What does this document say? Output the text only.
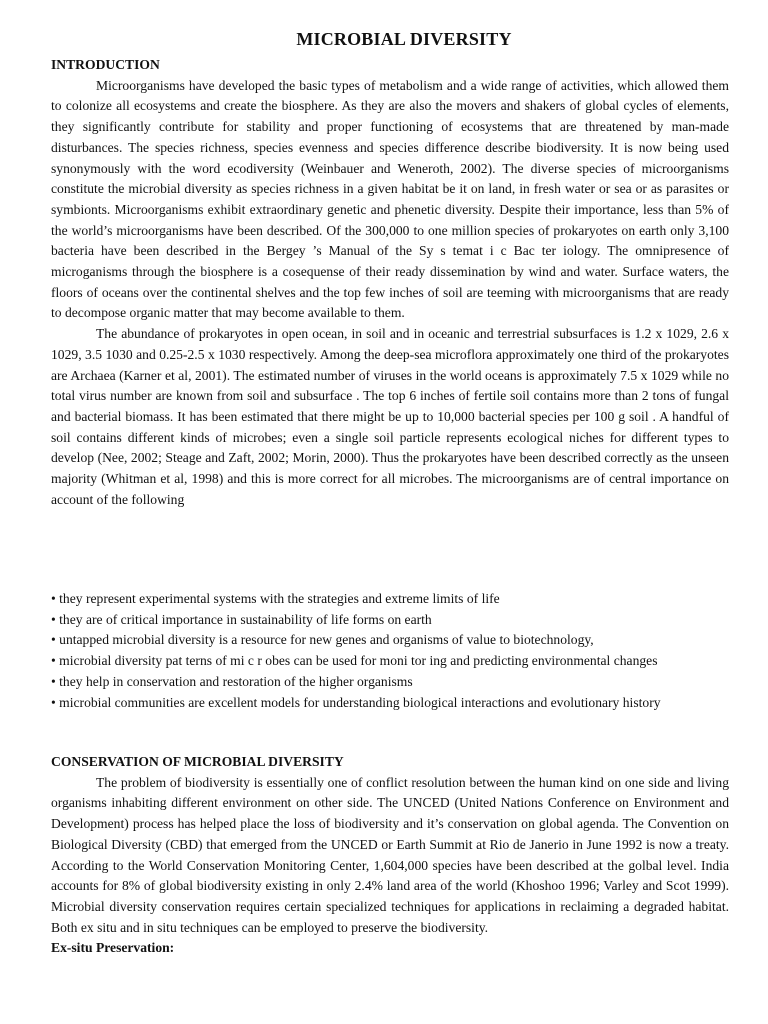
MICROBIAL DIVERSITY
INTRODUCTION

Microorganisms have developed the basic types of metabolism and a wide range of activities, which allowed them to colonize all ecosystems and create the biosphere. As they are also the movers and shakers of global cycles of elements, they significantly contribute for stability and proper functioning of ecosystems that are threatened by man-made disturbances. The species richness, species evenness and species difference describe biodiversity. It is now being used synonymously with the word ecodiversity (Weinbauer and Weneroth, 2002). The diverse species of microorganisms constitute the microbial diversity as species richness in a given habitat be it on land, in fresh water or sea or as parasites or symbionts. Microorganisms exhibit extraordinary genetic and phenetic diversity. Despite their importance, less than 5% of the world’s microorganisms have been described. Of the 300,000 to one million species of prokaryotes on earth only 3,100 bacteria have been described in the Bergey ’s Manual of the Sy s temat i c Bac ter iology. The omnipresence of microganisms through the biosphere is a cosequense of their ready dissemination by wind and water. Surface waters, the floors of oceans over the continental shelves and the top few inches of soil are teeming with microorganisms that are ready to decompose organic matter that may become available to them.

The abundance of prokaryotes in open ocean, in soil and in oceanic and terrestrial subsurfaces is 1.2 x 1029, 2.6 x 1029, 3.5 1030 and 0.25-2.5 x 1030 respectively. Among the deep-sea microflora approximately one third of the prokaryotes are Archaea (Karner et al, 2001). The estimated number of viruses in the world oceans is approximately 7.5 x 1029 while no total virus number are known from soil and subsurface . The top 6 inches of fertile soil contains more than 2 tons of fungal and bacterial biomass. It has been estimated that there might be up to 10,000 bacterial species per 100 g soil . A handful of soil contains different kinds of microbes; even a single soil particle represents ecological niches for different types to develop (Nee, 2002; Steage and Zaft, 2002; Morin, 2000). Thus the prokaryotes have been described correctly as the unseen majority (Whitman et al, 1998) and this is more correct for all microbes. The microorganisms are of central importance on account of the following

• they represent experimental systems with the strategies and extreme limits of life
• they are of critical importance in sustainability of life forms on earth
• untapped microbial diversity is a resource for new genes and organisms of value to biotechnology,
• microbial diversity pat terns of mi c r obes can be used for moni tor ing and predicting environmental changes
• they help in conservation and restoration of the higher organisms
• microbial communities are excellent models for understanding biological interactions and evolutionary history
CONSERVATION OF MICROBIAL DIVERSITY

The problem of biodiversity is essentially one of conflict resolution between the human kind on one side and living organisms inhabiting different environment on other side. The UNCED (United Nations Conference on Environment and Development) process has helped place the loss of biodiversity and it’s conservation on global agenda. The Convention on Biological Diversity (CBD) that emerged from the UNCED or Earth Summit at Rio de Janerio in June 1992 is now a treaty. According to the World Conservation Monitoring Center, 1,604,000 species have been described at the golbal level. India accounts for 8% of global biodiversity existing in only 2.4% land area of the world (Khoshoo 1996; Varley and Scot 1999). Microbial diversity conservation requires certain specialized techniques for applications in reclaiming a degraded habitat. Both ex situ and in situ techniques can be employed to preserve the biodiversity.

Ex-situ Preservation:
